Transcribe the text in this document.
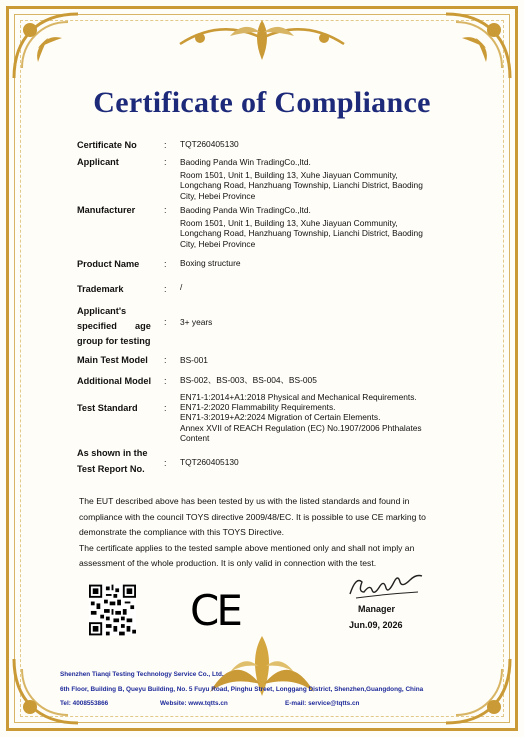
Certificate of Compliance
Certificate No	: TQT260405130
Applicant	: Baoding Panda Win TradingCo.,ltd.
Room 1501, Unit 1, Building 13, Xuhe Jiayuan Community,
Longchang Road, Hanzhuang Township, Lianchi District, Baoding
City, Hebei Province
Manufacturer	: Baoding Panda Win TradingCo.,ltd.
Room 1501, Unit 1, Building 13, Xuhe Jiayuan Community,
Longchang Road, Hanzhuang Township, Lianchi District, Baoding
City, Hebei Province
Product Name	: Boxing structure
Trademark	: /
Applicant's
specified age
group for testing
: 3+ years
Main Test Model : BS-001
Additional Model : BS-002、BS-003、BS-004、BS-005
Test Standard	:
EN71-1:2014+A1:2018 Physical and Mechanical Requirements.
EN71-2:2020 Flammability Requirements.
EN71-3:2019+A2:2024 Migration of Certain Elements.
Annex XVII of REACH Regulation (EC) No.1907/2006 Phthalates
Content
As shown in the
Test Report No.
: TQT260405130
The EUT described above has been tested by us with the listed standards and found in
compliance with the council TOYS directive 2009/48/EC. It is possible to use CE marking to
demonstrate the compliance with this TOYS Directive.
The certificate applies to the tested sample above mentioned only and shall not imply an
assessment of the whole production. It is only valid in connection with the test.
CE	Manager
Jun.09, 2026
Shenzhen Tianqi Testing Technology Service Co., Ltd.
6th Floor, Building B, Queyu Building, No. 5 Fuyu Road, Pinghu Street, Longgang District, Shenzhen,Guangdong, China
Tel: 4008553866	Website: www.tqtts.cn	E-mail: service@tqtts.cn
